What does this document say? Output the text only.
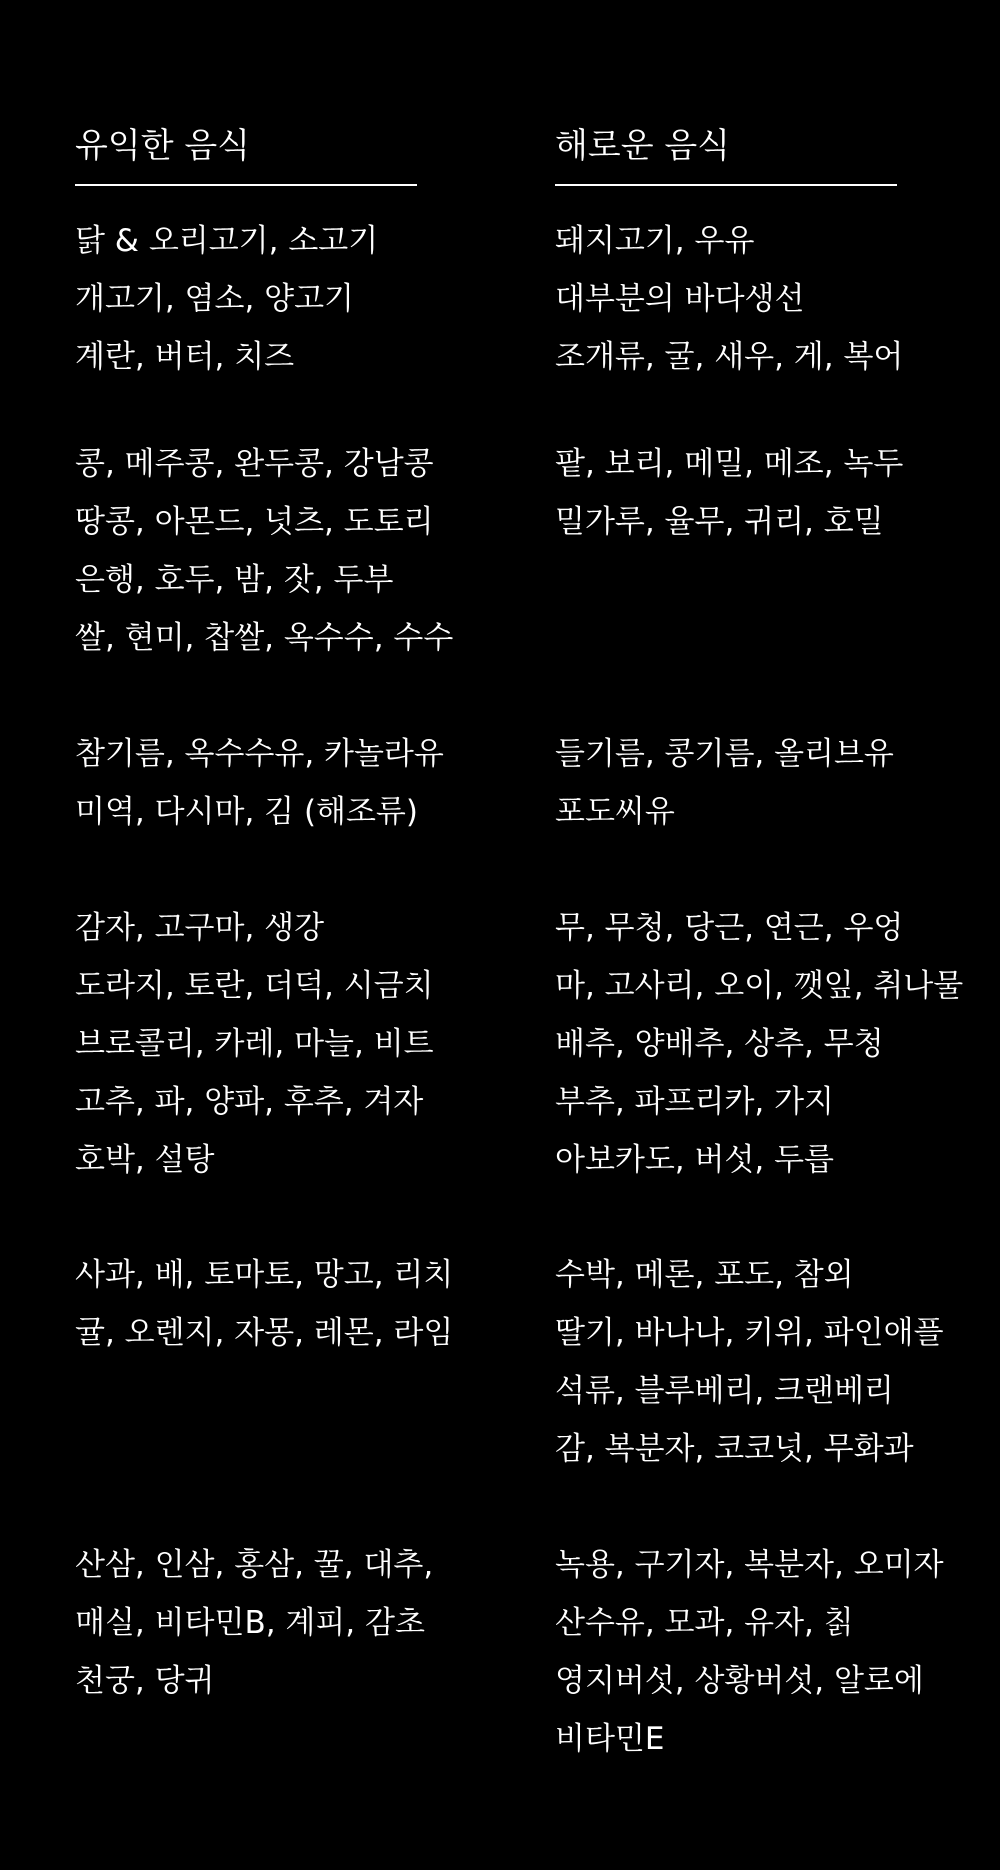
유익한 음식
닭 & 오리고기, 소고기
개고기, 염소, 양고기
계란, 버터, 치즈
콩, 메주콩, 완두콩, 강남콩
땅콩, 아몬드, 넛츠, 도토리
은행, 호두, 밤, 잣, 두부
쌀, 현미, 찹쌀, 옥수수, 수수
참기름, 옥수수유, 카놀라유
미역, 다시마, 김 (해조류)
감자, 고구마, 생강
도라지, 토란, 더덕, 시금치
브로콜리, 카레, 마늘, 비트
고추, 파, 양파, 후추, 겨자
호박, 설탕
사과, 배, 토마토, 망고, 리치
귤, 오렌지, 자몽, 레몬, 라임
산삼, 인삼, 홍삼, 꿀, 대추,
매실, 비타민B, 계피, 감초
천궁, 당귀
해로운 음식
돼지고기, 우유
대부분의 바다생선
조개류, 굴, 새우, 게, 복어
팥, 보리, 메밀, 메조, 녹두
밀가루, 율무, 귀리, 호밀
들기름, 콩기름, 올리브유
포도씨유
무, 무청, 당근, 연근, 우엉
마, 고사리, 오이, 깻잎, 취나물
배추, 양배추, 상추, 무청
부추, 파프리카, 가지
아보카도, 버섯, 두릅
수박, 메론, 포도, 참외
딸기, 바나나, 키위, 파인애플
석류, 블루베리, 크랜베리
감, 복분자, 코코넛, 무화과
녹용, 구기자, 복분자, 오미자
산수유, 모과, 유자, 칡
영지버섯, 상황버섯, 알로에
비타민E
